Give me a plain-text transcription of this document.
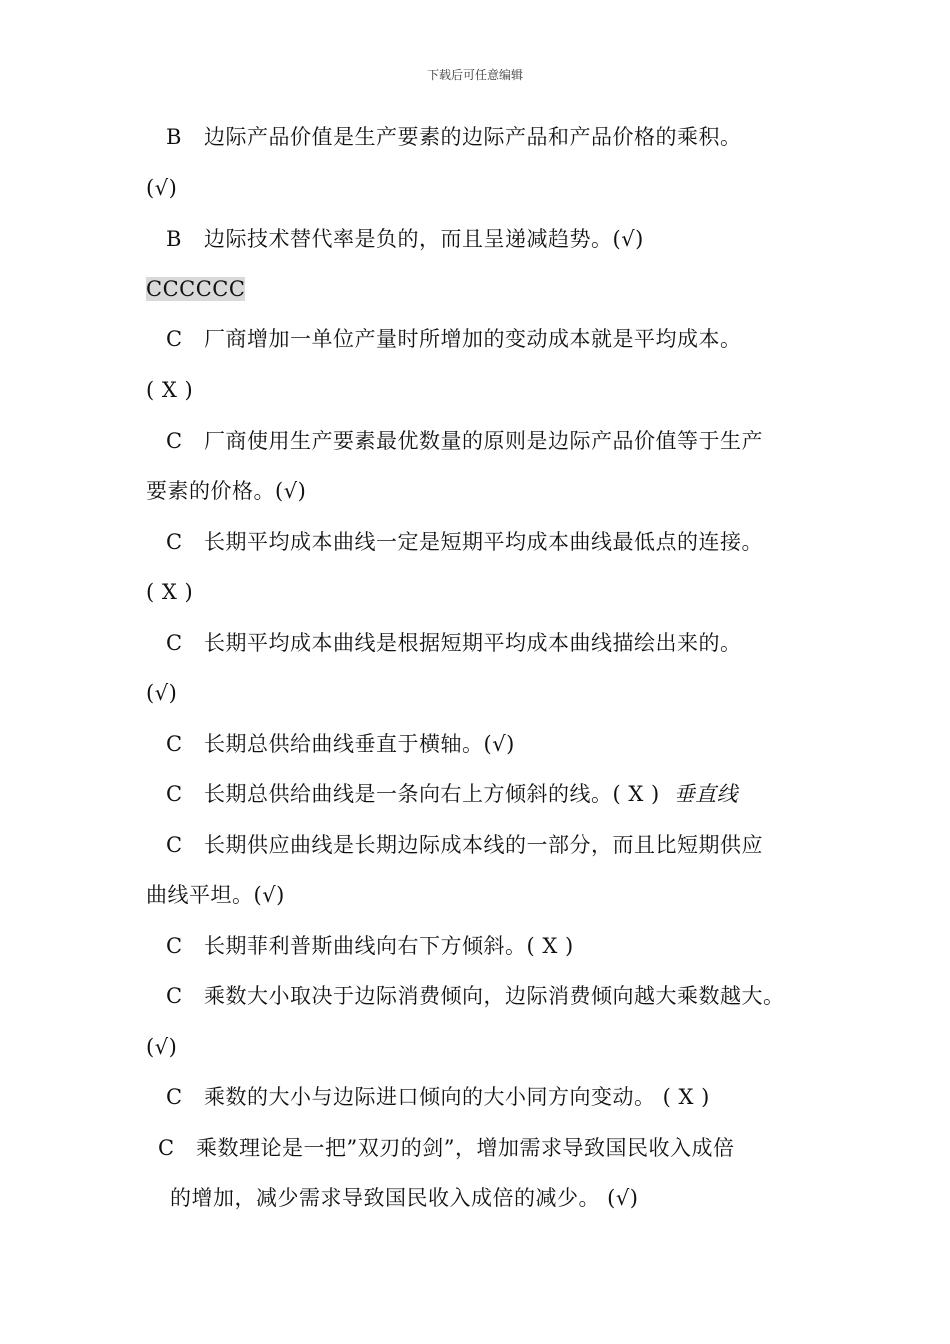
下载后可任意编辑
B 边际产品价值是生产要素的边际产品和产品价格的乘积。
(√)
B 边际技术替代率是负的，而且呈递减趋势。(√)
CCCCCC
C 厂商增加一单位产量时所增加的变动成本就是平均成本。
( X )
C 厂商使用生产要素最优数量的原则是边际产品价值等于生产
要素的价格。(√)
C 长期平均成本曲线一定是短期平均成本曲线最低点的连接。
( X )
C 长期平均成本曲线是根据短期平均成本曲线描绘出来的。
(√)
C 长期总供给曲线垂直于横轴。(√)
C 长期总供给曲线是一条向右上方倾斜的线。( X ) 垂直线
C 长期供应曲线是长期边际成本线的一部分，而且比短期供应
曲线平坦。(√)
C 长期菲利普斯曲线向右下方倾斜。( X )
C 乘数大小取决于边际消费倾向，边际消费倾向越大乘数越大。
(√)
C 乘数的大小与边际进口倾向的大小同方向变动。 ( X )
C 乘数理论是一把”双刃的剑”，增加需求导致国民收入成倍
的增加，减少需求导致国民收入成倍的减少。 (√)
